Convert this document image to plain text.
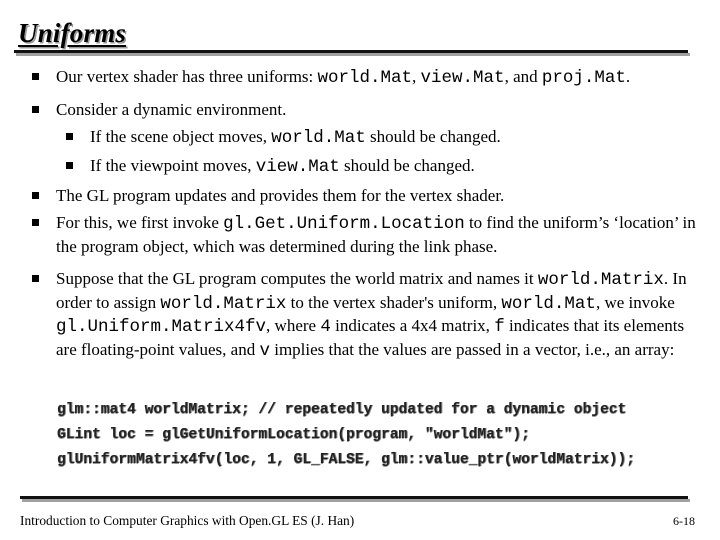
Uniforms
Our vertex shader has three uniforms: world.Mat, view.Mat, and proj.Mat.
Consider a dynamic environment.
If the scene object moves, world.Mat should be changed.
If the viewpoint moves, view.Mat should be changed.
The GL program updates and provides them for the vertex shader.
For this, we first invoke gl.Get.Uniform.Location to find the uniform’s ‘location’ in the program object, which was determined during the link phase.
Suppose that the GL program computes the world matrix and names it world.Matrix. In order to assign world.Matrix to the vertex shader's uniform, world.Mat, we invoke gl.Uniform.Matrix4fv, where 4 indicates a 4x4 matrix, f indicates that its elements are floating-point values, and v implies that the values are passed in a vector, i.e., an array:
glm::mat4 worldMatrix; // repeatedly updated for a dynamic object
GLint loc = glGetUniformLocation(program, "worldMat");
glUniformMatrix4fv(loc, 1, GL_FALSE, glm::value_ptr(worldMatrix));
Introduction to Computer Graphics with Open.GL ES (J. Han)	6-18
